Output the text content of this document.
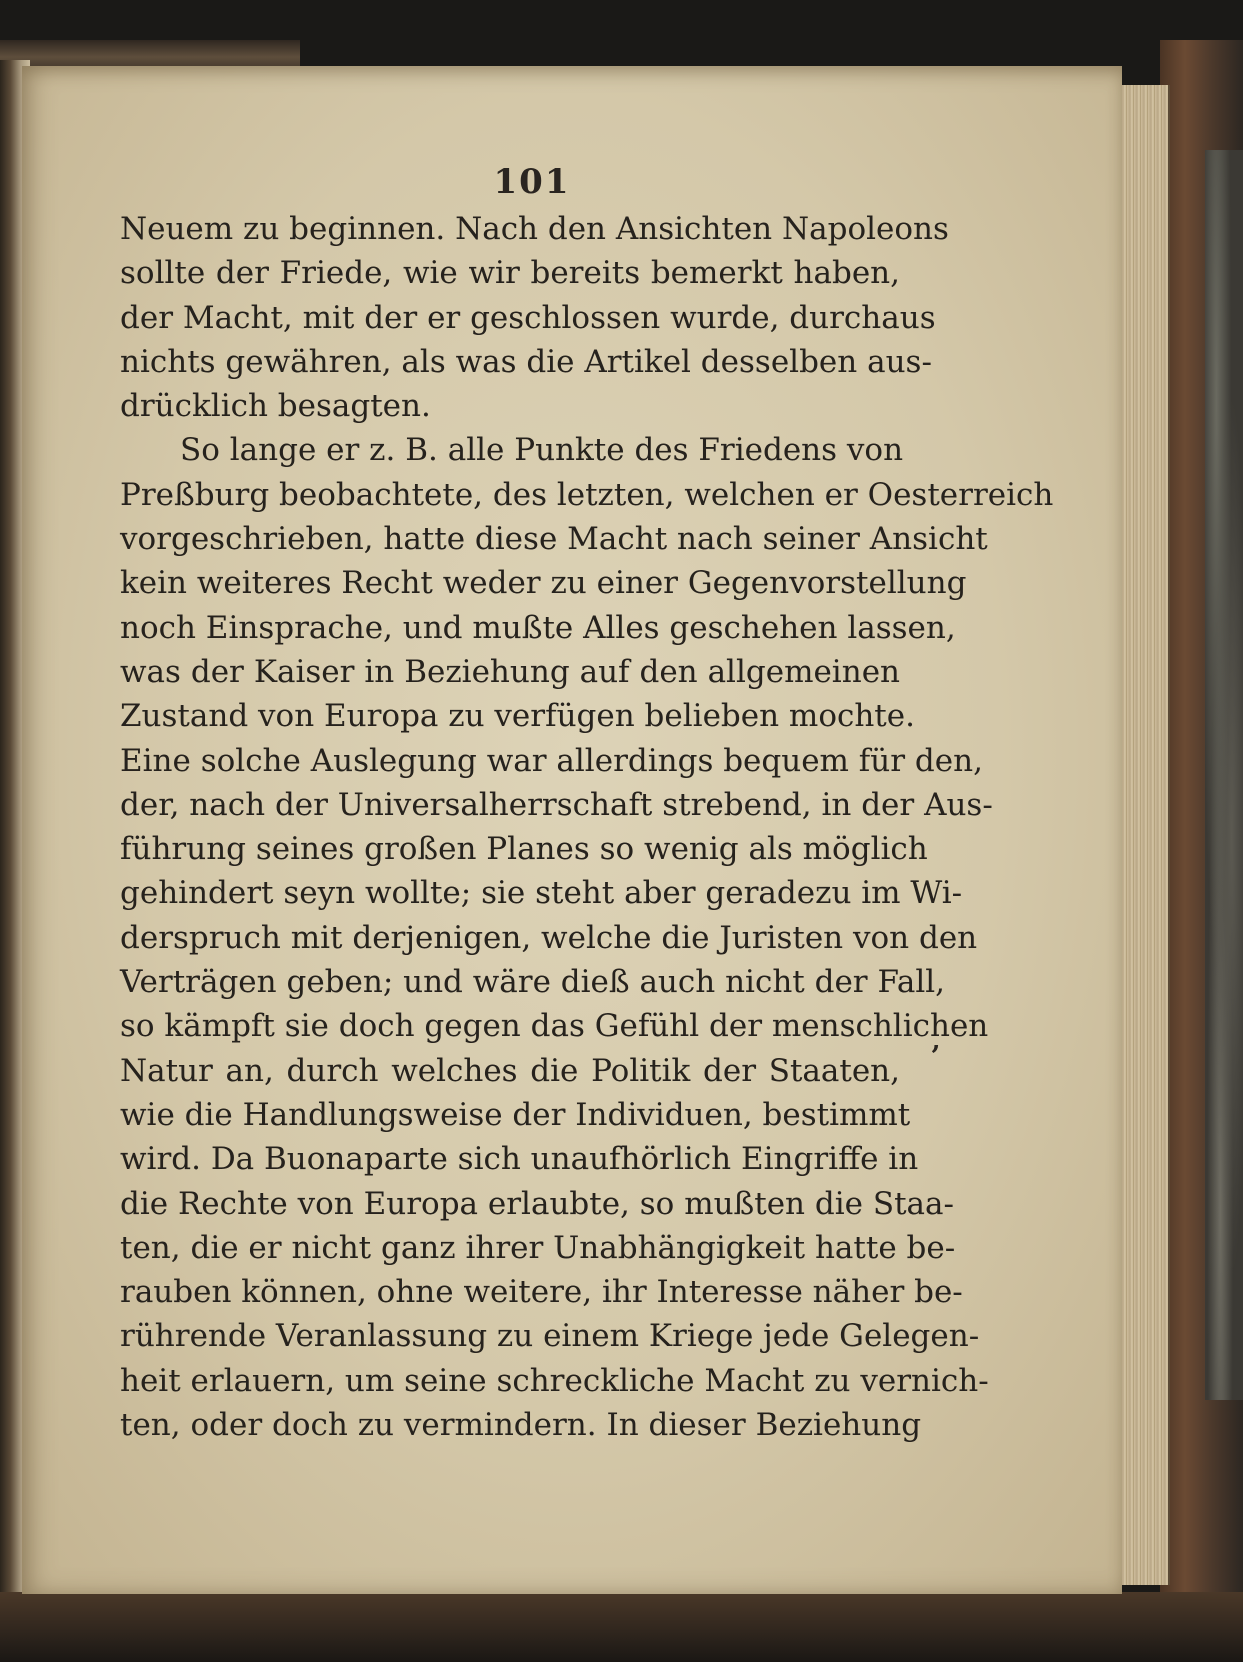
101
Neuem zu beginnen. Nach den Ansichten Napoleons
sollte der Friede, wie wir bereits bemerkt haben,
der Macht, mit der er geschlossen wurde, durchaus
nichts gewähren, als was die Artikel desselben aus-
drücklich besagten.
So lange er z. B. alle Punkte des Friedens von
Preßburg beobachtete, des letzten, welchen er Oesterreich
vorgeschrieben, hatte diese Macht nach seiner Ansicht
kein weiteres Recht weder zu einer Gegenvorstellung
noch Einsprache, und mußte Alles geschehen lassen,
was der Kaiser in Beziehung auf den allgemeinen
Zustand von Europa zu verfügen belieben mochte.
Eine solche Auslegung war allerdings bequem für den,
der, nach der Universalherrschaft strebend, in der Aus-
führung seines großen Planes so wenig als möglich
gehindert seyn wollte; sie steht aber geradezu im Wi-
derspruch mit derjenigen, welche die Juristen von den
Verträgen geben; und wäre dieß auch nicht der Fall,
so kämpft sie doch gegen das Gefühl der menschlichen
Natur an, durch welches die Politik der Staaten,
wie die Handlungsweise der Individuen, bestimmt
wird. Da Buonaparte sich unaufhörlich Eingriffe in
die Rechte von Europa erlaubte, so mußten die Staa-
ten, die er nicht ganz ihrer Unabhängigkeit hatte be-
rauben können, ohne weitere, ihr Interesse näher be-
rührende Veranlassung zu einem Kriege jede Gelegen-
heit erlauern, um seine schreckliche Macht zu vernich-
ten, oder doch zu vermindern. In dieser Beziehung
ʼ
